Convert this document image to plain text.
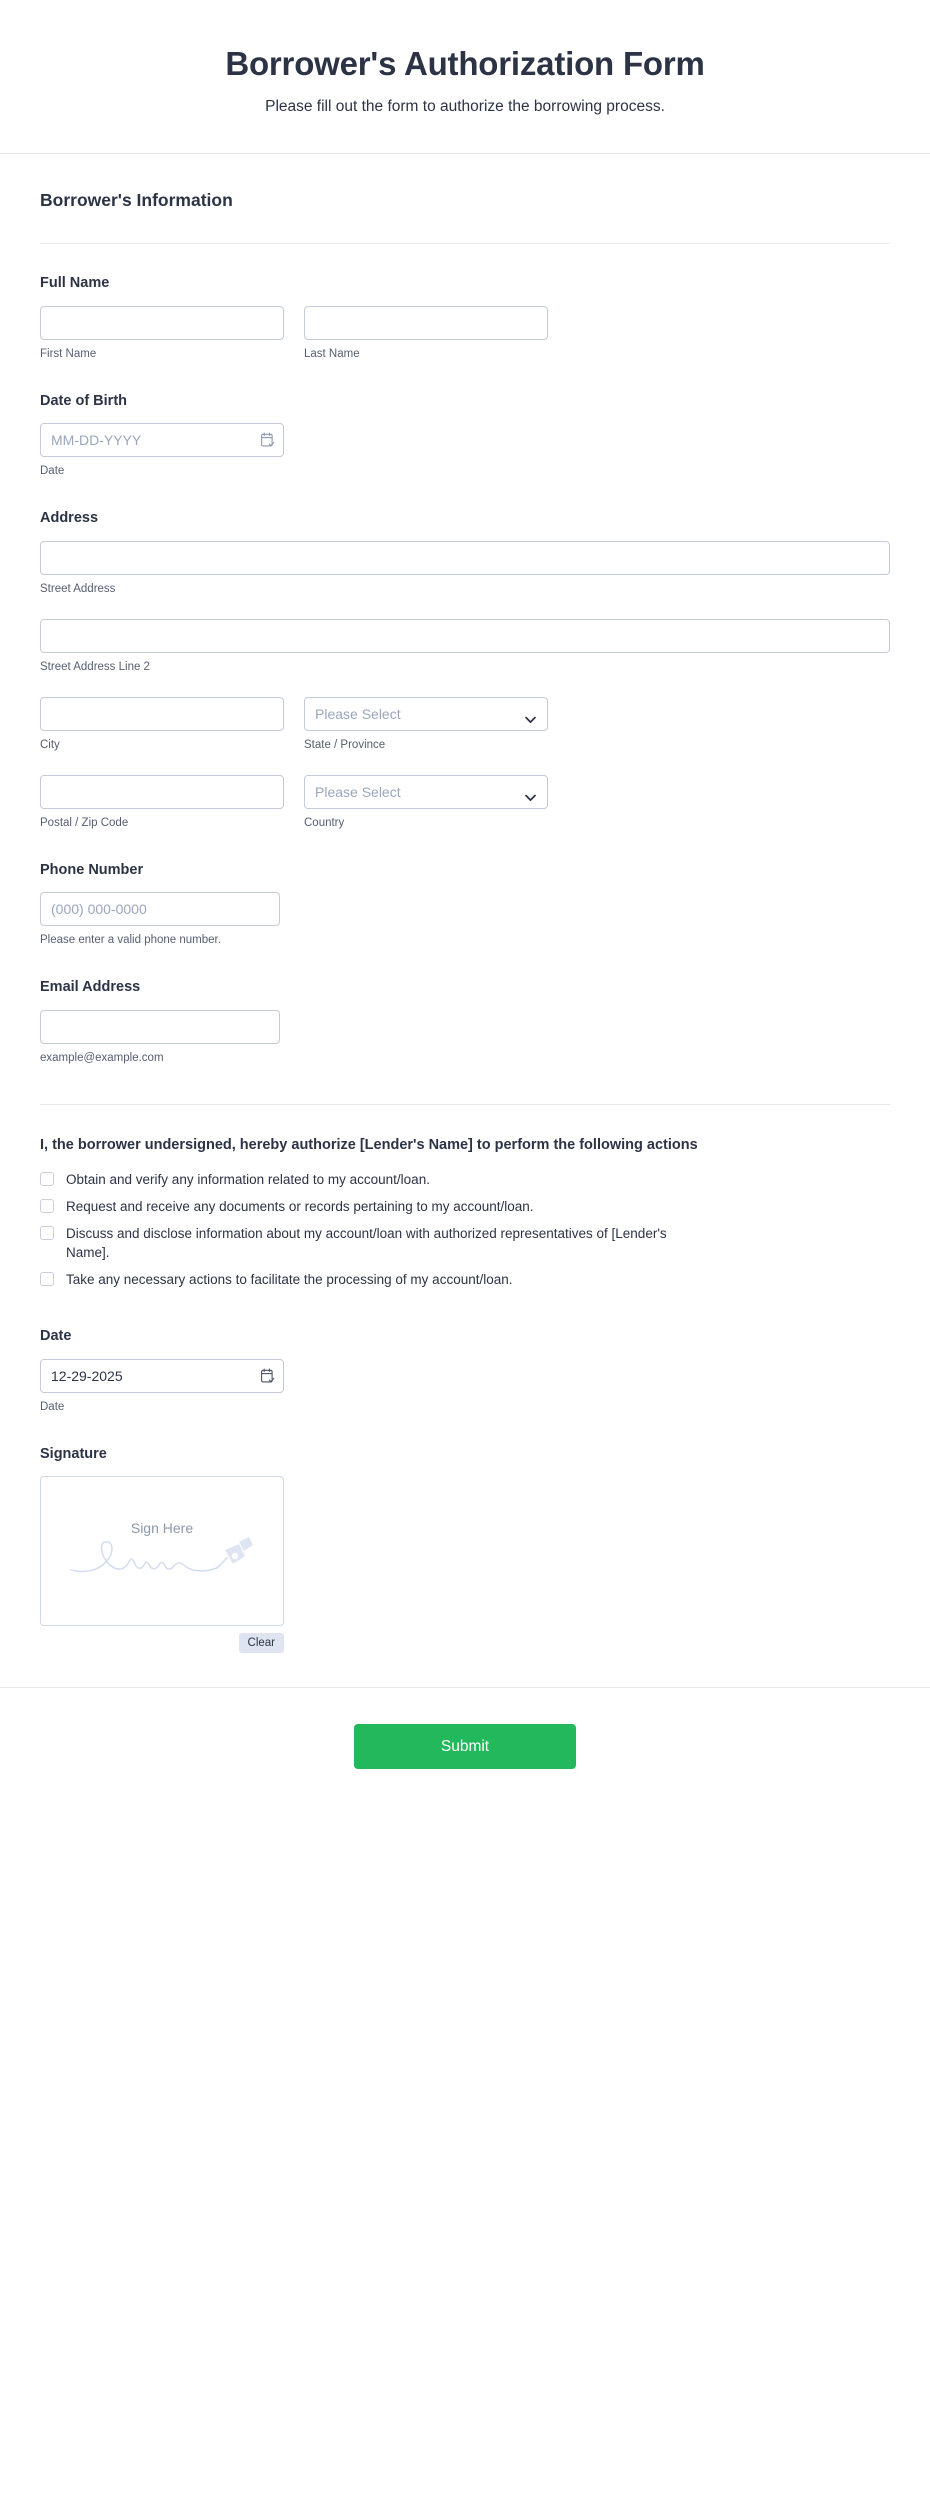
Borrower's Authorization Form

Please fill out the form to authorize the borrowing process.

Borrower's Information
Full Name
First Name	Last Name
Date of Birth
MM-DD-YYYY
Date
Address
Street Address
Street Address Line 2
City
Please Select	State / Province
Postal / Zip Code
Please Select	Country
Phone Number
(000) 000-0000
Please enter a valid phone number.
Email Address
example@example.com

I, the borrower undersigned, hereby authorize [Lender's Name] to perform the following actions

Obtain and verify any information related to my account/loan.
Request and receive any documents or records pertaining to my account/loan.
Discuss and disclose information about my account/loan with authorized representatives of [Lender's Name].
Take any necessary actions to facilitate the processing of my account/loan.
Date
12-29-2025
Date
Signature
Sign Here
Clear
Submit
